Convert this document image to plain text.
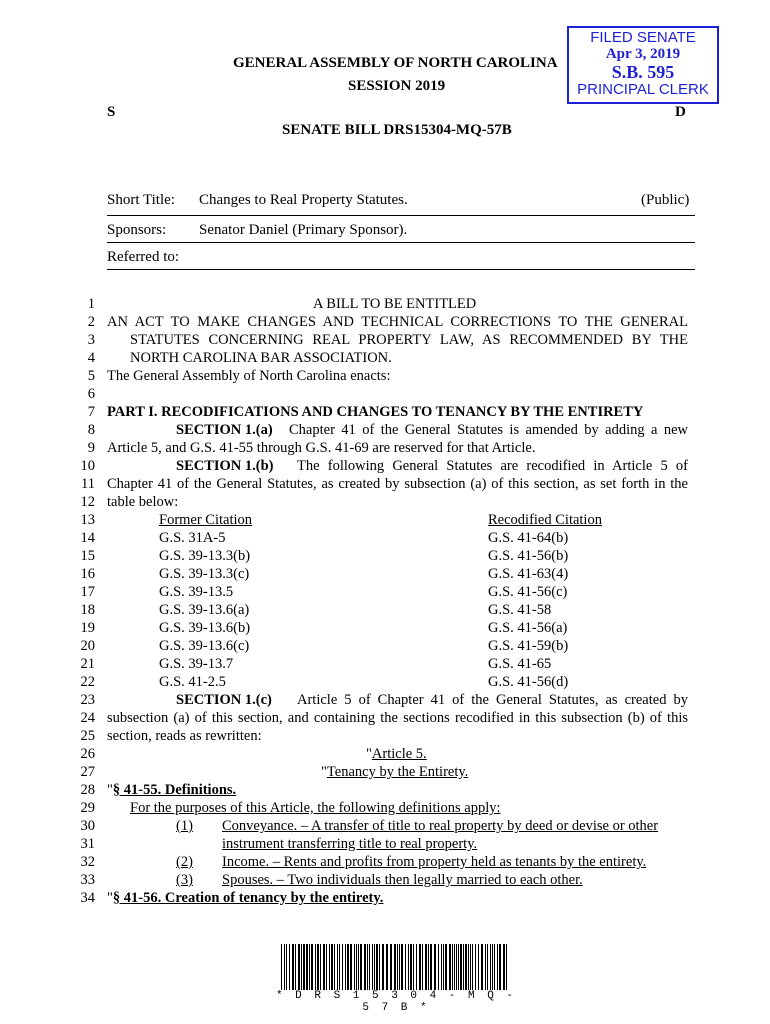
FILED SENATE
Apr 3, 2019
S.B. 595
PRINCIPAL CLERK
GENERAL ASSEMBLY OF NORTH CAROLINA
SESSION 2019
S	D
SENATE BILL DRS15304-MQ-57B
Short Title: Changes to Real Property Statutes.	(Public)
Sponsors: Senator Daniel (Primary Sponsor).
Referred to:
1
2
3
4
5
6
7
8
9
10
11
12
13
14
15
16
17
18
19
20
21
22
23
24
25
26
27
28
29
30
31
32
33
34
A BILL TO BE ENTITLED
AN ACT TO MAKE CHANGES AND TECHNICAL CORRECTIONS TO THE GENERAL
STATUTES CONCERNING REAL PROPERTY LAW, AS RECOMMENDED BY THE
NORTH CAROLINA BAR ASSOCIATION.
The General Assembly of North Carolina enacts:
PART I. RECODIFICATIONS AND CHANGES TO TENANCY BY THE ENTIRETY
SECTION 1.(a) Chapter 41 of the General Statutes is amended by adding a new
Article 5, and G.S. 41-55 through G.S. 41-69 are reserved for that Article.
SECTION 1.(b) The following General Statutes are recodified in Article 5 of
Chapter 41 of the General Statutes, as created by subsection (a) of this section, as set forth in the
table below:
Former Citation	Recodified Citation
G.S. 31A-5	G.S. 41-64(b)
G.S. 39-13.3(b)	G.S. 41-56(b)
G.S. 39-13.3(c)	G.S. 41-63(4)
G.S. 39-13.5	G.S. 41-56(c)
G.S. 39-13.6(a)	G.S. 41-58
G.S. 39-13.6(b)	G.S. 41-56(a)
G.S. 39-13.6(c)	G.S. 41-59(b)
G.S. 39-13.7	G.S. 41-65
G.S. 41-2.5	G.S. 41-56(d)
SECTION 1.(c) Article 5 of Chapter 41 of the General Statutes, as created by
subsection (a) of this section, and containing the sections recodified in this subsection (b) of this
section, reads as rewritten:
"Article 5.
"Tenancy by the Entirety.
"§ 41-55. Definitions.
For the purposes of this Article, the following definitions apply:
(1) Conveyance. – A transfer of title to real property by deed or devise or other
instrument transferring title to real property.
(2) Income. – Rents and profits from property held as tenants by the entirety.
(3) Spouses. – Two individuals then legally married to each other.
"§ 41-56. Creation of tenancy by the entirety.
* D R S 1 5 3 0 4 - M Q - 5 7 B *
